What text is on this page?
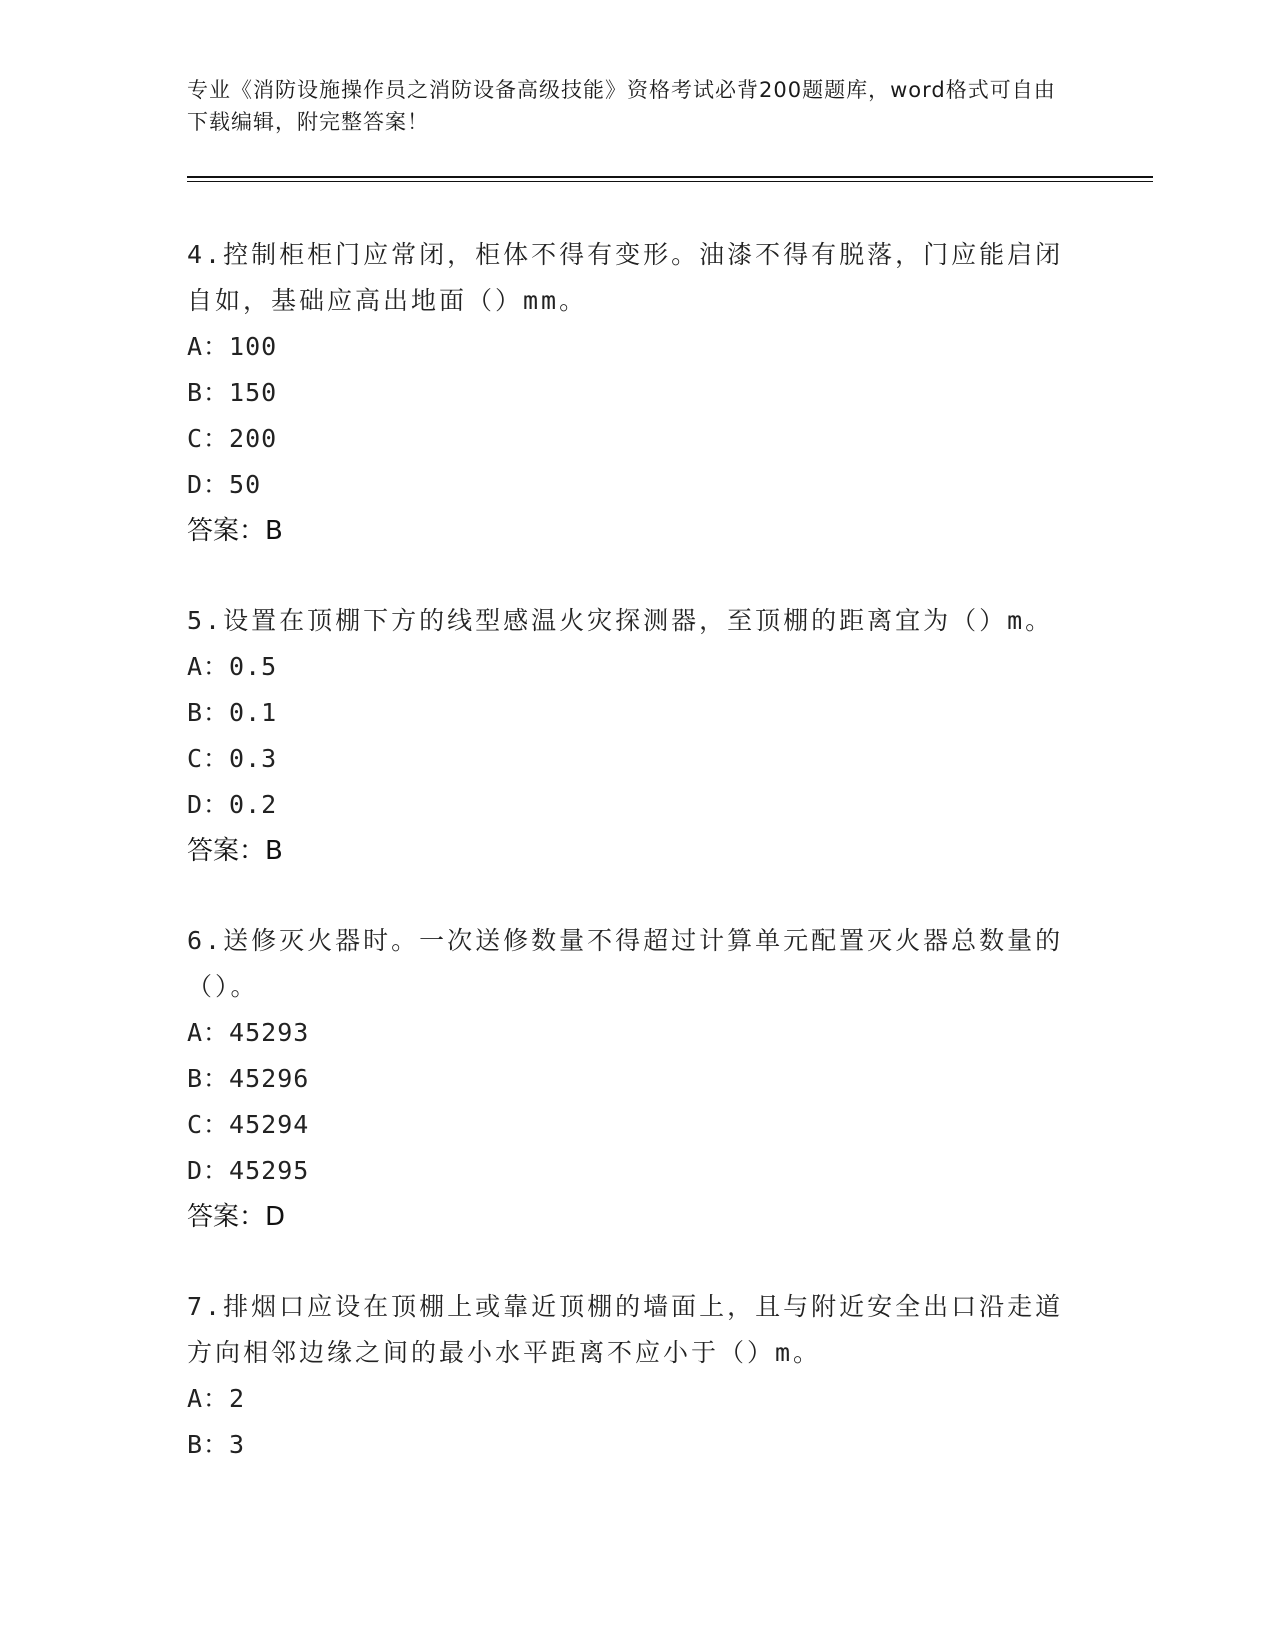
专业《消防设施操作员之消防设备高级技能》资格考试必背200题题库，word格式可自由下载编辑，附完整答案！

4.控制柜柜门应常闭，柜体不得有变形。油漆不得有脱落，门应能启闭自如，基础应高出地面（）mm。

A：100

B：150

C：200

D：50

答案：B

5.设置在顶棚下方的线型感温火灾探测器，至顶棚的距离宜为（）m。

A：0.5

B：0.1

C：0.3

D：0.2

答案：B

6.送修灭火器时。一次送修数量不得超过计算单元配置灭火器总数量的（）。

A：45293

B：45296

C：45294

D：45295

答案：D

7.排烟口应设在顶棚上或靠近顶棚的墙面上，且与附近安全出口沿走道方向相邻边缘之间的最小水平距离不应小于（）m。

A：2

B：3
